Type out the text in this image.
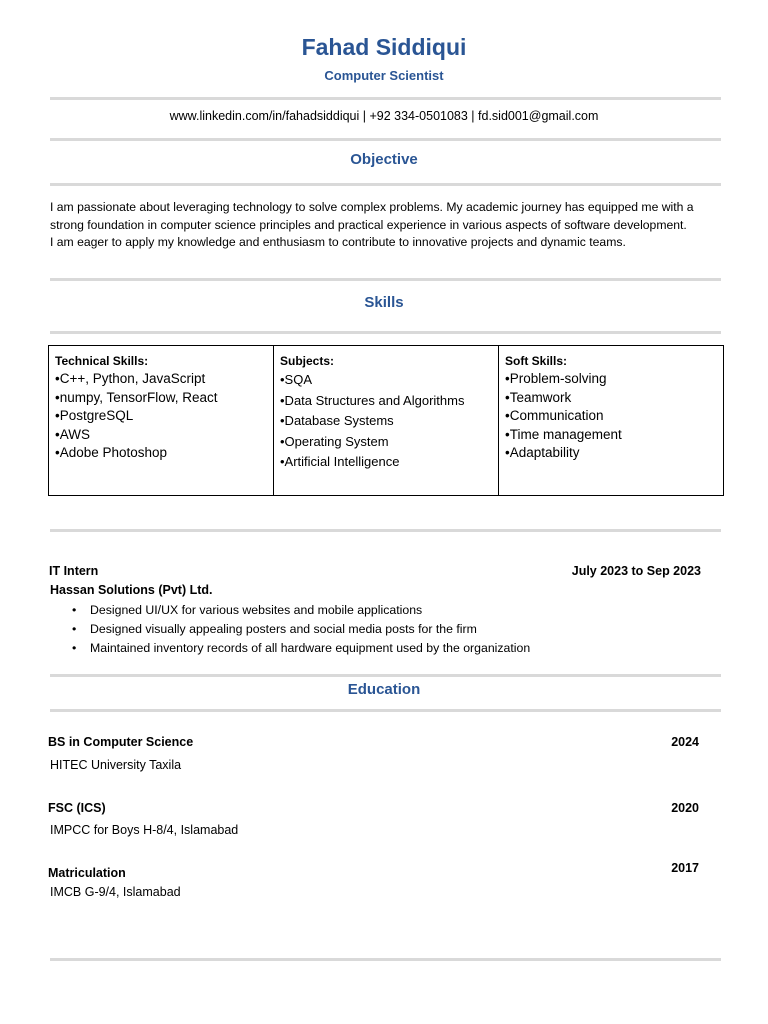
Fahad Siddiqui
Computer Scientist
www.linkedin.com/in/fahadsiddiqui | +92 334-0501083 | fd.sid001@gmail.com
Objective
I am passionate about leveraging technology to solve complex problems. My academic journey has equipped me with a
strong foundation in computer science principles and practical experience in various aspects of software development.
I am eager to apply my knowledge and enthusiasm to contribute to innovative projects and dynamic teams.
Skills
Technical Skills:
•C++, Python, JavaScript
•numpy, TensorFlow, React
•PostgreSQL
•AWS
•Adobe Photoshop
Subjects:
•SQA
•Data Structures and Algorithms
•Database Systems
•Operating System
•Artificial Intelligence
Soft Skills:
•Problem-solving
•Teamwork
•Communication
•Time management
•Adaptability
IT Intern	July 2023 to Sep 2023
Hassan Solutions (Pvt) Ltd.
• Designed UI/UX for various websites and mobile applications
• Designed visually appealing posters and social media posts for the firm
• Maintained inventory records of all hardware equipment used by the organization
Education
BS in Computer Science	2024
HITEC University Taxila
FSC (ICS)	2020
IMPCC for Boys H-8/4, Islamabad
Matriculation	2017
IMCB G-9/4, Islamabad
